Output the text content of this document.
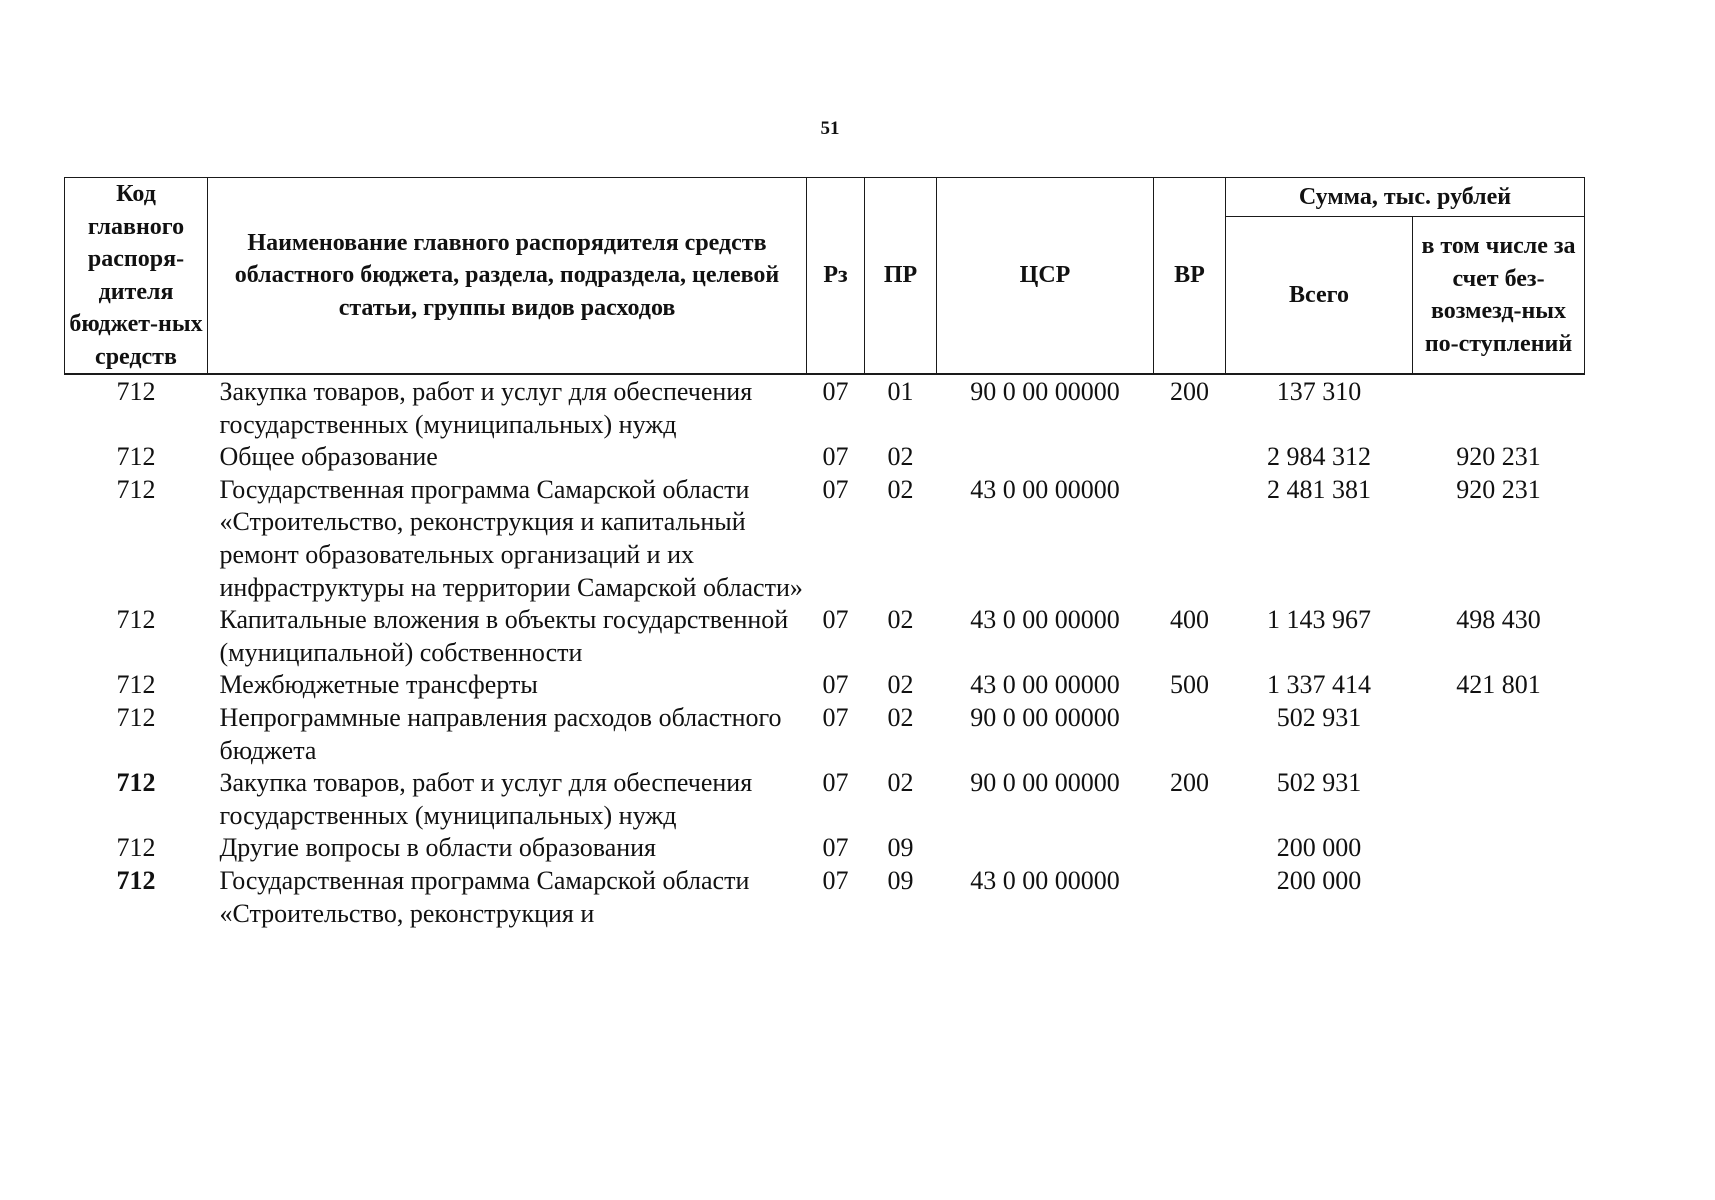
51
Код главного распоря-дителя бюджет-ных средств	Наименование главного распорядителя средств областного бюджета, раздела, подраздела, целевой статьи, группы видов расходов	Рз	ПР	ЦСР	ВР	Сумма, тыс. рублей	
						Всего	в том числе за счет без-возмезд-ных по-ступлений
712	Закупка товаров, работ и услуг для обеспечения государственных (муниципальных) нужд	07	01	90 0 00 00000	200	137 310	
712	Общее образование	07	02			2 984 312	920 231
712	Государственная программа Самарской области «Строительство, реконструкция и капитальный ремонт образовательных организаций и их инфраструктуры на территории Самарской области»	07	02	43 0 00 00000		2 481 381	920 231
712	Капитальные вложения в объекты государственной (муниципальной) собственности	07	02	43 0 00 00000	400	1 143 967	498 430
712	Межбюджетные трансферты	07	02	43 0 00 00000	500	1 337 414	421 801
712	Непрограммные направления расходов областного бюджета	07	02	90 0 00 00000		502 931	
712	Закупка товаров, работ и услуг для обеспечения государственных (муниципальных) нужд	07	02	90 0 00 00000	200	502 931	
712	Другие вопросы в области образования	07	09			200 000	
712	Государственная программа Самарской области «Строительство, реконструкция и	07	09	43 0 00 00000		200 000	
